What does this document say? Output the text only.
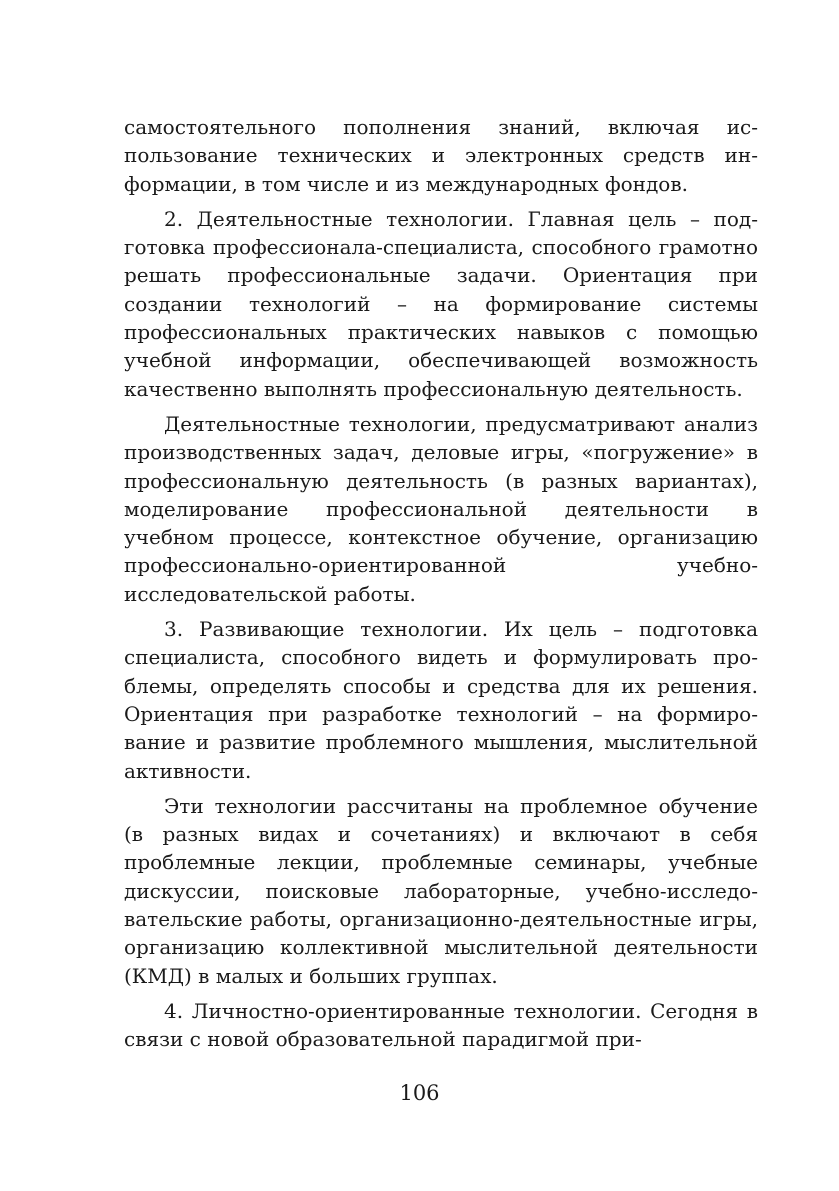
самостоятельного пополнения знаний, включая использование технических и электронных средств информации, в том числе и из международных фондов.

2. Деятельностные технологии. Главная цель – подготовка профессионала-специалиста, способного грамотно решать профессиональные задачи. Ориентация при создании технологий – на формирование системы профессиональных практических навыков с помощью учебной информации, обеспечивающей возможность качественно выполнять профессиональную деятельность.

Деятельностные технологии, предусматривают анализ производственных задач, деловые игры, «погружение» в профессиональную деятельность (в разных вариантах), моделирование профессиональной деятельности в учебном процессе, контекстное обучение, организацию профессионально-ориентированной учебно-исследовательской работы.

3. Развивающие технологии. Их цель – подготовка специалиста, способного видеть и формулировать проблемы, определять способы и средства для их решения. Ориентация при разработке технологий – на формирование и развитие проблемного мышления, мыслительной активности.

Эти технологии рассчитаны на проблемное обучение (в разных видах и сочетаниях) и включают в себя проблемные лекции, проблемные семинары, учебные дискуссии, поисковые лабораторные, учебно-исследовательские работы, организационно-деятельностные игры, организацию коллективной мыслительной деятельности (КМД) в малых и больших группах.

4. Личностно-ориентированные технологии. Сегодня в связи с новой образовательной парадигмой при-

106
